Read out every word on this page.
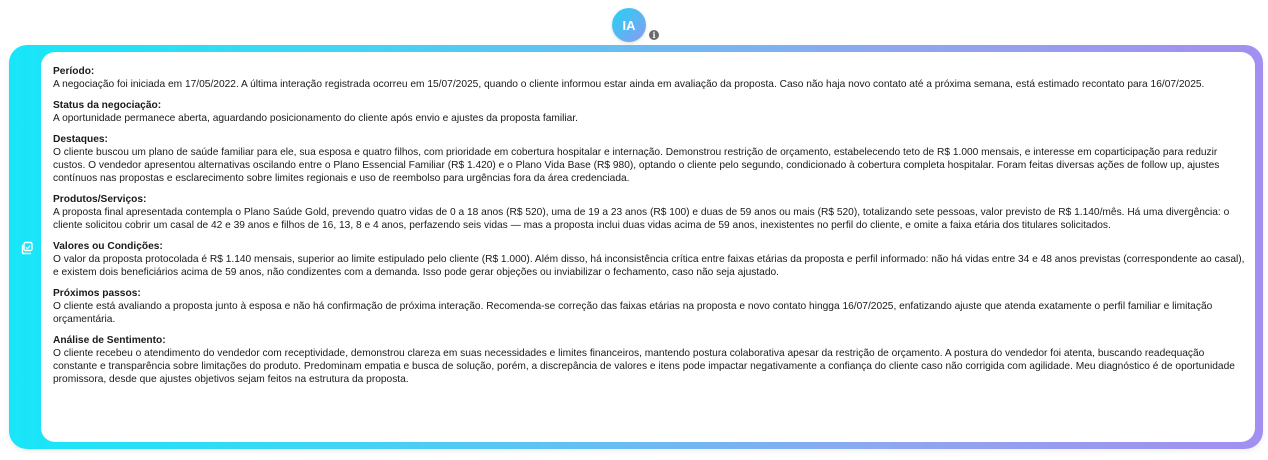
IA
i
Período:
A negociação foi iniciada em 17/05/2022. A última interação registrada ocorreu em 15/07/2025, quando o cliente informou estar ainda em avaliação da proposta. Caso não haja novo contato até a próxima semana, está estimado recontato para 16/07/2025.
Status da negociação:
A oportunidade permanece aberta, aguardando posicionamento do cliente após envio e ajustes da proposta familiar.
Destaques:
O cliente buscou um plano de saúde familiar para ele, sua esposa e quatro filhos, com prioridade em cobertura hospitalar e internação. Demonstrou restrição de orçamento, estabelecendo teto de R$ 1.000 mensais, e interesse em coparticipação para reduzir custos. O vendedor apresentou alternativas oscilando entre o Plano Essencial Familiar (R$ 1.420) e o Plano Vida Base (R$ 980), optando o cliente pelo segundo, condicionado à cobertura completa hospitalar. Foram feitas diversas ações de follow up, ajustes contínuos nas propostas e esclarecimento sobre limites regionais e uso de reembolso para urgências fora da área credenciada.
Produtos/Serviços:
A proposta final apresentada contempla o Plano Saúde Gold, prevendo quatro vidas de 0 a 18 anos (R$ 520), uma de 19 a 23 anos (R$ 100) e duas de 59 anos ou mais (R$ 520), totalizando sete pessoas, valor previsto de R$ 1.140/mês. Há uma divergência: o cliente solicitou cobrir um casal de 42 e 39 anos e filhos de 16, 13, 8 e 4 anos, perfazendo seis vidas — mas a proposta inclui duas vidas acima de 59 anos, inexistentes no perfil do cliente, e omite a faixa etária dos titulares solicitados.
Valores ou Condições:
O valor da proposta protocolada é R$ 1.140 mensais, superior ao limite estipulado pelo cliente (R$ 1.000). Além disso, há inconsistência crítica entre faixas etárias da proposta e perfil informado: não há vidas entre 34 e 48 anos previstas (correspondente ao casal), e existem dois beneficiários acima de 59 anos, não condizentes com a demanda. Isso pode gerar objeções ou inviabilizar o fechamento, caso não seja ajustado.
Próximos passos:
O cliente está avaliando a proposta junto à esposa e não há confirmação de próxima interação. Recomenda-se correção das faixas etárias na proposta e novo contato hingga 16/07/2025, enfatizando ajuste que atenda exatamente o perfil familiar e limitação orçamentária.
Análise de Sentimento:
O cliente recebeu o atendimento do vendedor com receptividade, demonstrou clareza em suas necessidades e limites financeiros, mantendo postura colaborativa apesar da restrição de orçamento. A postura do vendedor foi atenta, buscando readequação constante e transparência sobre limitações do produto. Predominam empatia e busca de solução, porém, a discrepância de valores e itens pode impactar negativamente a confiança do cliente caso não corrigida com agilidade. Meu diagnóstico é de oportunidade promissora, desde que ajustes objetivos sejam feitos na estrutura da proposta.
